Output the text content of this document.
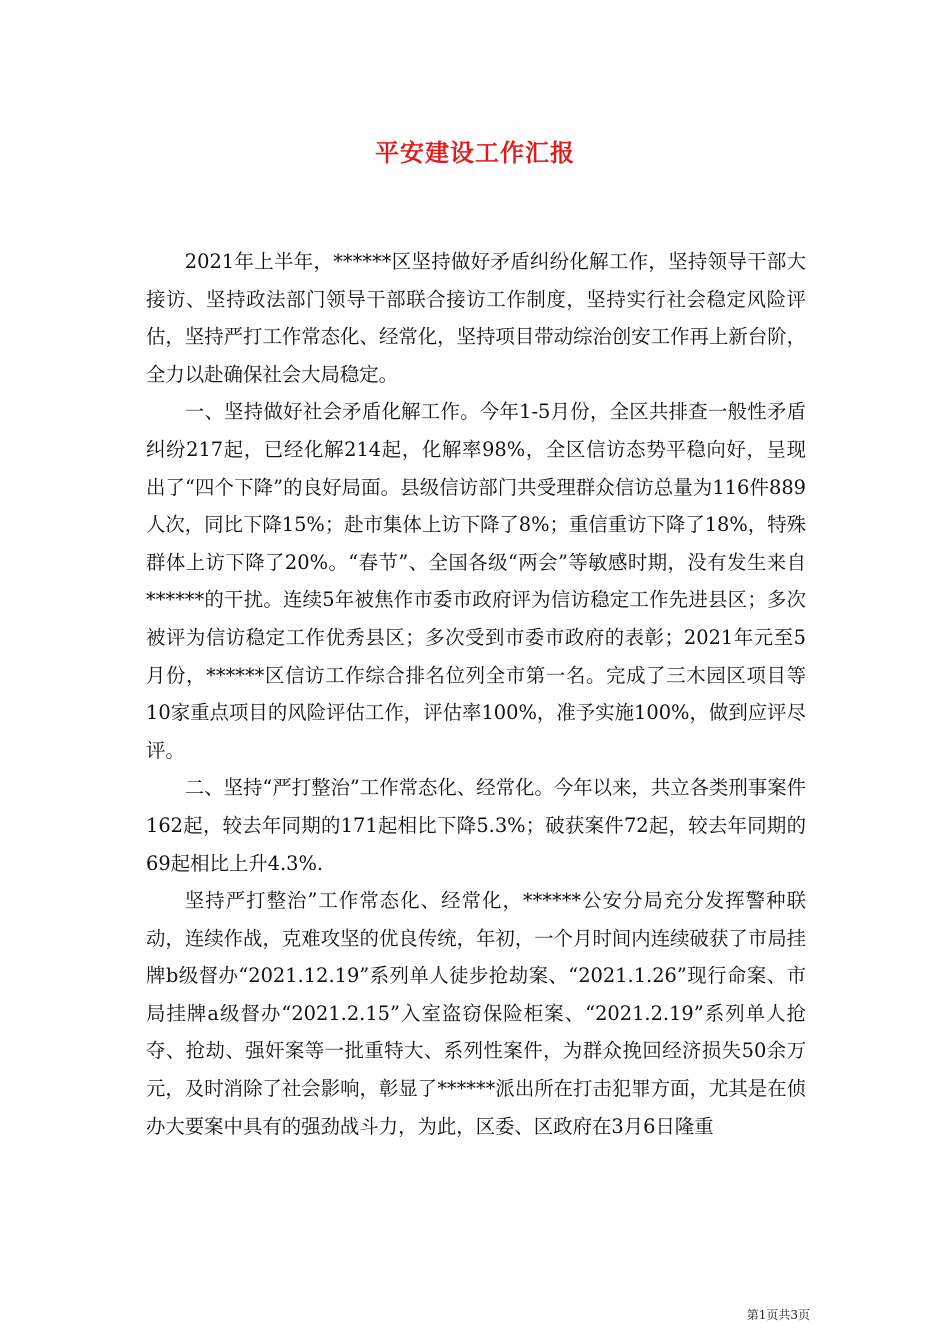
平安建设工作汇报

2021年上半年，******区坚持做好矛盾纠纷化解工作，坚持领导干部大接访、坚持政法部门领导干部联合接访工作制度，坚持实行社会稳定风险评估，坚持严打工作常态化、经常化，坚持项目带动综治创安工作再上新台阶，全力以赴确保社会大局稳定。

一、坚持做好社会矛盾化解工作。今年1-5月份，全区共排查一般性矛盾纠纷217起，已经化解214起，化解率98%，全区信访态势平稳向好，呈现出了“四个下降”的良好局面。县级信访部门共受理群众信访总量为116件889人次，同比下降15%；赴市集体上访下降了8%；重信重访下降了18%，特殊群体上访下降了20%。“春节”、全国各级“两会”等敏感时期，没有发生来自******的干扰。连续5年被焦作市委市政府评为信访稳定工作先进县区；多次被评为信访稳定工作优秀县区；多次受到市委市政府的表彰；2021年元至5月份，******区信访工作综合排名位列全市第一名。完成了三木园区项目等10家重点项目的风险评估工作，评估率100%，准予实施100%，做到应评尽评。

二、坚持“严打整治”工作常态化、经常化。今年以来，共立各类刑事案件162起，较去年同期的171起相比下降5.3%；破获案件72起，较去年同期的69起相比上升4.3%.

坚持严打整治”工作常态化、经常化，******公安分局充分发挥警种联动，连续作战，克难攻坚的优良传统，年初，一个月时间内连续破获了市局挂牌b级督办“2021.12.19”系列单人徒步抢劫案、“2021.1.26”现行命案、市局挂牌a级督办“2021.2.15”入室盗窃保险柜案、“2021.2.19”系列单人抢夺、抢劫、强奸案等一批重特大、系列性案件，为群众挽回经济损失50余万元，及时消除了社会影响，彰显了******派出所在打击犯罪方面，尤其是在侦办大要案中具有的强劲战斗力，为此，区委、区政府在3月6日隆重

第1页共3页
